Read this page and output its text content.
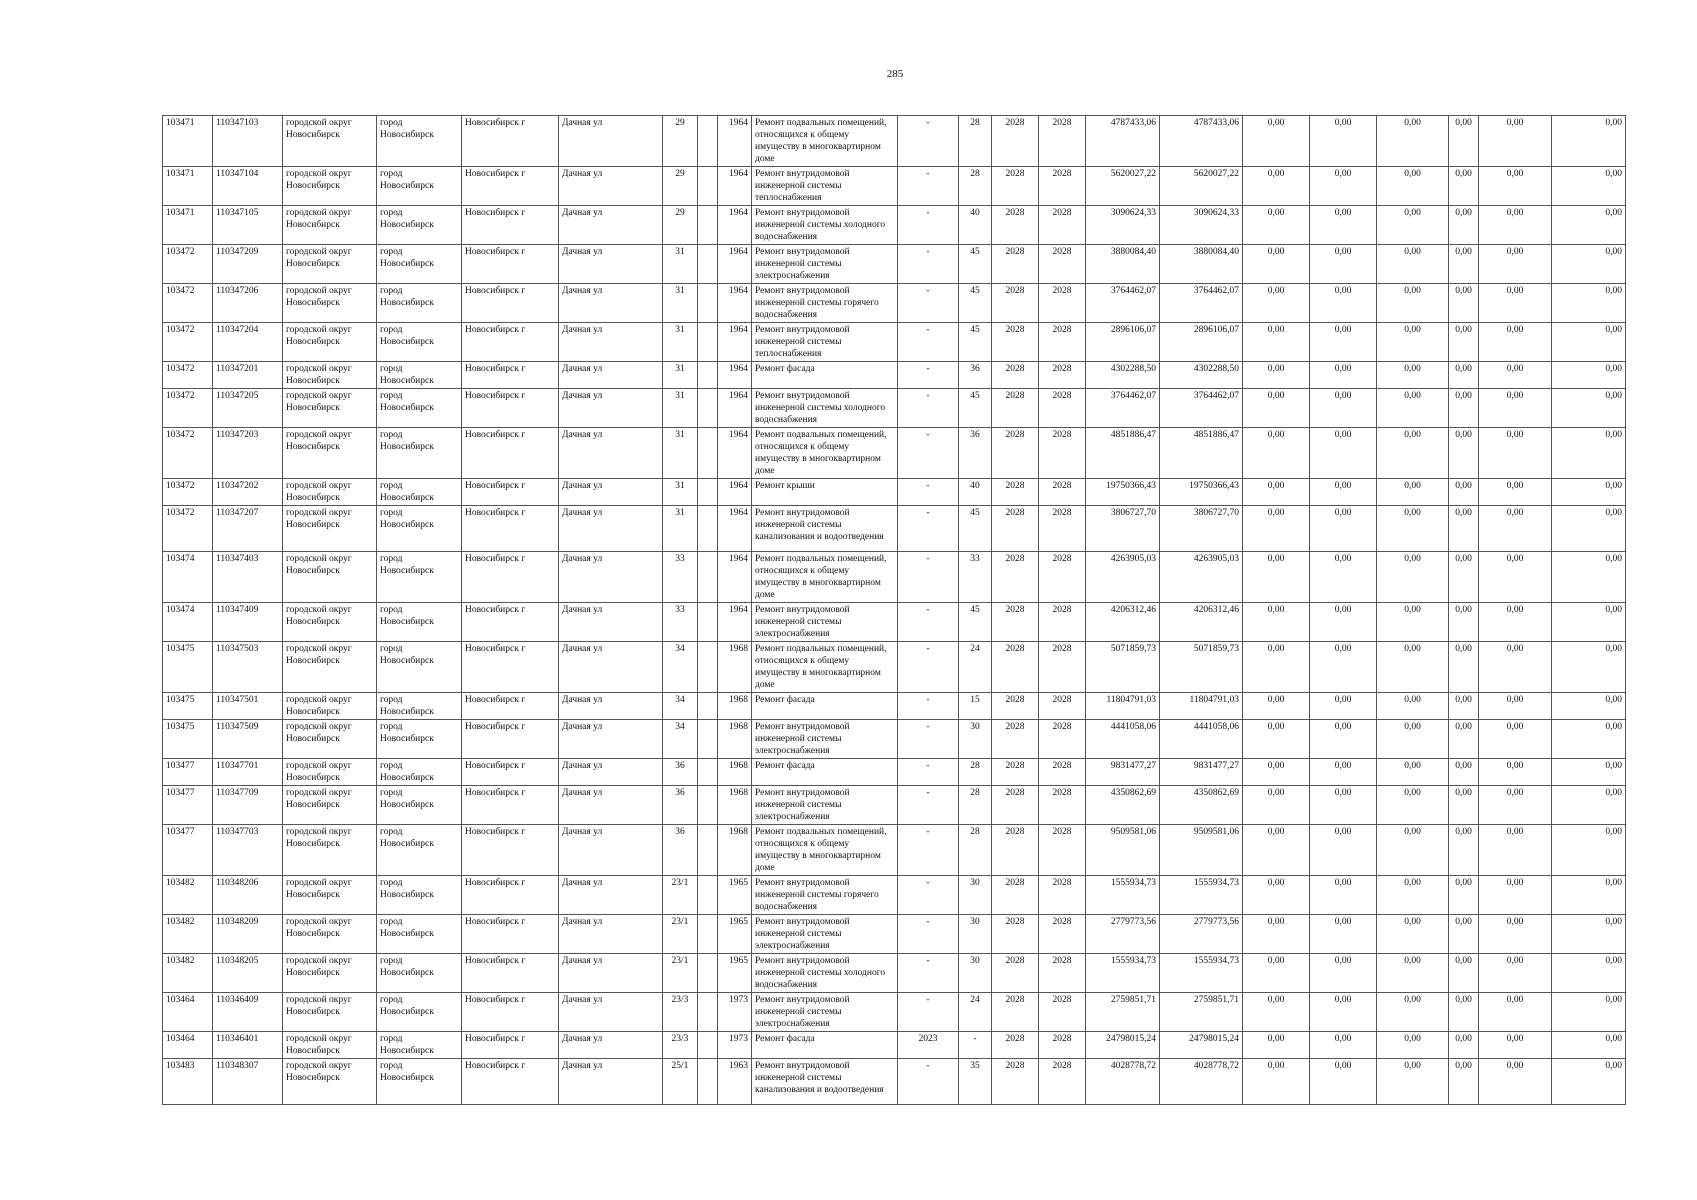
285
103471	110347103	городской округ Новосибирск	город Новосибирск	Новосибирск г	Дачная ул	29		1964	Ремонт подвальных помещений, относящихся к общему имуществу в многоквартирном доме	-	28	2028	2028	4787433,06	4787433,06	0,00	0,00	0,00	0,00	0,00	0,00
103471	110347104	городской округ Новосибирск	город Новосибирск	Новосибирск г	Дачная ул	29		1964	Ремонт внутридомовой инженерной системы теплоснабжения	-	28	2028	2028	5620027,22	5620027,22	0,00	0,00	0,00	0,00	0,00	0,00
103471	110347105	городской округ Новосибирск	город Новосибирск	Новосибирск г	Дачная ул	29		1964	Ремонт внутридомовой инженерной системы холодного водоснабжения	-	40	2028	2028	3090624,33	3090624,33	0,00	0,00	0,00	0,00	0,00	0,00
103472	110347209	городской округ Новосибирск	город Новосибирск	Новосибирск г	Дачная ул	31		1964	Ремонт внутридомовой инженерной системы электроснабжения	-	45	2028	2028	3880084,40	3880084,40	0,00	0,00	0,00	0,00	0,00	0,00
103472	110347206	городской округ Новосибирск	город Новосибирск	Новосибирск г	Дачная ул	31		1964	Ремонт внутридомовой инженерной системы горячего водоснабжения	-	45	2028	2028	3764462,07	3764462,07	0,00	0,00	0,00	0,00	0,00	0,00
103472	110347204	городской округ Новосибирск	город Новосибирск	Новосибирск г	Дачная ул	31		1964	Ремонт внутридомовой инженерной системы теплоснабжения	-	45	2028	2028	2896106,07	2896106,07	0,00	0,00	0,00	0,00	0,00	0,00
103472	110347201	городской округ Новосибирск	город Новосибирск	Новосибирск г	Дачная ул	31		1964	Ремонт фасада	-	36	2028	2028	4302288,50	4302288,50	0,00	0,00	0,00	0,00	0,00	0,00
103472	110347205	городской округ Новосибирск	город Новосибирск	Новосибирск г	Дачная ул	31		1964	Ремонт внутридомовой инженерной системы холодного водоснабжения	-	45	2028	2028	3764462,07	3764462,07	0,00	0,00	0,00	0,00	0,00	0,00
103472	110347203	городской округ Новосибирск	город Новосибирск	Новосибирск г	Дачная ул	31		1964	Ремонт подвальных помещений, относящихся к общему имуществу в многоквартирном доме	-	36	2028	2028	4851886,47	4851886,47	0,00	0,00	0,00	0,00	0,00	0,00
103472	110347202	городской округ Новосибирск	город Новосибирск	Новосибирск г	Дачная ул	31		1964	Ремонт крыши	-	40	2028	2028	19750366,43	19750366,43	0,00	0,00	0,00	0,00	0,00	0,00
103472	110347207	городской округ Новосибирск	город Новосибирск	Новосибирск г	Дачная ул	31		1964	Ремонт внутридомовой инженерной системы канализования и водоотведения	-	45	2028	2028	3806727,70	3806727,70	0,00	0,00	0,00	0,00	0,00	0,00
103474	110347403	городской округ Новосибирск	город Новосибирск	Новосибирск г	Дачная ул	33		1964	Ремонт подвальных помещений, относящихся к общему имуществу в многоквартирном доме	-	33	2028	2028	4263905,03	4263905,03	0,00	0,00	0,00	0,00	0,00	0,00
103474	110347409	городской округ Новосибирск	город Новосибирск	Новосибирск г	Дачная ул	33		1964	Ремонт внутридомовой инженерной системы электроснабжения	-	45	2028	2028	4206312,46	4206312,46	0,00	0,00	0,00	0,00	0,00	0,00
103475	110347503	городской округ Новосибирск	город Новосибирск	Новосибирск г	Дачная ул	34		1968	Ремонт подвальных помещений, относящихся к общему имуществу в многоквартирном доме	-	24	2028	2028	5071859,73	5071859,73	0,00	0,00	0,00	0,00	0,00	0,00
103475	110347501	городской округ Новосибирск	город Новосибирск	Новосибирск г	Дачная ул	34		1968	Ремонт фасада	-	15	2028	2028	11804791,03	11804791,03	0,00	0,00	0,00	0,00	0,00	0,00
103475	110347509	городской округ Новосибирск	город Новосибирск	Новосибирск г	Дачная ул	34		1968	Ремонт внутридомовой инженерной системы электроснабжения	-	30	2028	2028	4441058,06	4441058,06	0,00	0,00	0,00	0,00	0,00	0,00
103477	110347701	городской округ Новосибирск	город Новосибирск	Новосибирск г	Дачная ул	36		1968	Ремонт фасада	-	28	2028	2028	9831477,27	9831477,27	0,00	0,00	0,00	0,00	0,00	0,00
103477	110347709	городской округ Новосибирск	город Новосибирск	Новосибирск г	Дачная ул	36		1968	Ремонт внутридомовой инженерной системы электроснабжения	-	28	2028	2028	4350862,69	4350862,69	0,00	0,00	0,00	0,00	0,00	0,00
103477	110347703	городской округ Новосибирск	город Новосибирск	Новосибирск г	Дачная ул	36		1968	Ремонт подвальных помещений, относящихся к общему имуществу в многоквартирном доме	-	28	2028	2028	9509581,06	9509581,06	0,00	0,00	0,00	0,00	0,00	0,00
103482	110348206	городской округ Новосибирск	город Новосибирск	Новосибирск г	Дачная ул	23/1		1965	Ремонт внутридомовой инженерной системы горячего водоснабжения	-	30	2028	2028	1555934,73	1555934,73	0,00	0,00	0,00	0,00	0,00	0,00
103482	110348209	городской округ Новосибирск	город Новосибирск	Новосибирск г	Дачная ул	23/1		1965	Ремонт внутридомовой инженерной системы электроснабжения	-	30	2028	2028	2779773,56	2779773,56	0,00	0,00	0,00	0,00	0,00	0,00
103482	110348205	городской округ Новосибирск	город Новосибирск	Новосибирск г	Дачная ул	23/1		1965	Ремонт внутридомовой инженерной системы холодного водоснабжения	-	30	2028	2028	1555934,73	1555934,73	0,00	0,00	0,00	0,00	0,00	0,00
103464	110346409	городской округ Новосибирск	город Новосибирск	Новосибирск г	Дачная ул	23/3		1973	Ремонт внутридомовой инженерной системы электроснабжения	-	24	2028	2028	2759851,71	2759851,71	0,00	0,00	0,00	0,00	0,00	0,00
103464	110346401	городской округ Новосибирск	город Новосибирск	Новосибирск г	Дачная ул	23/3		1973	Ремонт фасада	2023	-	2028	2028	24798015,24	24798015,24	0,00	0,00	0,00	0,00	0,00	0,00
103483	110348307	городской округ Новосибирск	город Новосибирск	Новосибирск г	Дачная ул	25/1		1963	Ремонт внутридомовой инженерной системы канализования и водоотведения	-	35	2028	2028	4028778,72	4028778,72	0,00	0,00	0,00	0,00	0,00	0,00
